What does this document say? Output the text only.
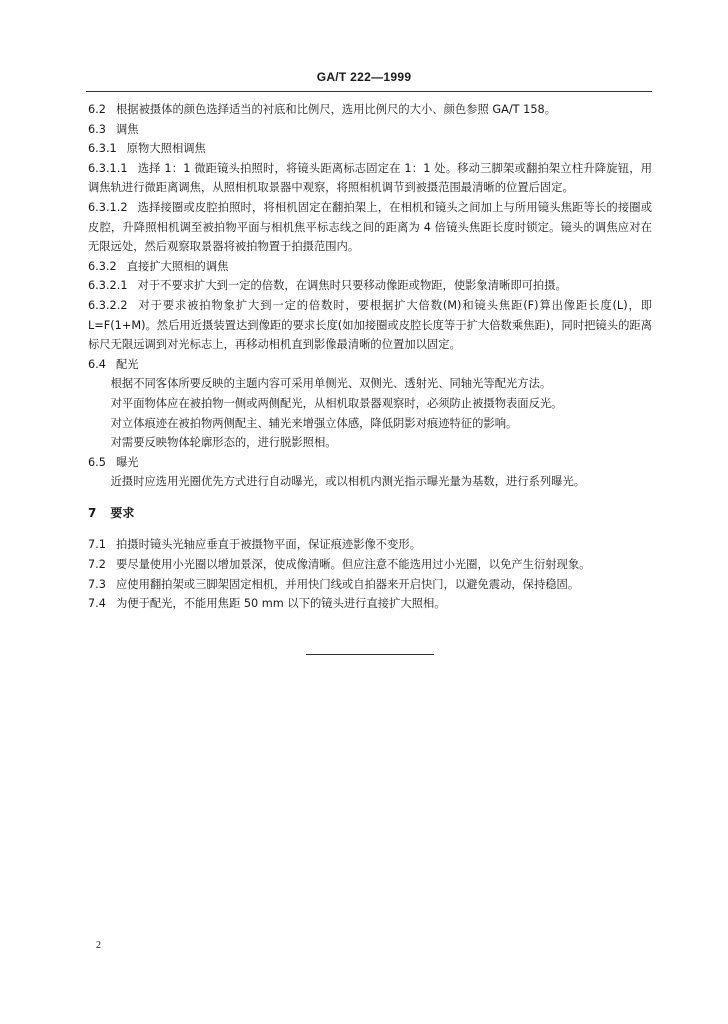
GA/T 222—1999

6.2 根据被摄体的颜色选择适当的衬底和比例尺，选用比例尺的大小、颜色参照 GA/T 158。

6.3 调焦

6.3.1 原物大照相调焦

6.3.1.1 选择 1：1 微距镜头拍照时，将镜头距离标志固定在 1：1 处。移动三脚架或翻拍架立柱升降旋钮，用调焦轨进行微距离调焦，从照相机取景器中观察，将照相机调节到被摄范围最清晰的位置后固定。

6.3.1.2 选择接圈或皮腔拍照时，将相机固定在翻拍架上，在相机和镜头之间加上与所用镜头焦距等长的接圈或皮腔，升降照相机调至被拍物平面与相机焦平标志线之间的距离为 4 倍镜头焦距长度时锁定。镜头的调焦应对在无限远处，然后观察取景器将被拍物置于拍摄范围内。

6.3.2 直接扩大照相的调焦

6.3.2.1 对于不要求扩大到一定的倍数，在调焦时只要移动像距或物距，使影象清晰即可拍摄。

6.3.2.2 对于要求被拍物象扩大到一定的倍数时，要根据扩大倍数(M)和镜头焦距(F)算出像距长度(L)，即 L=F(1+M)。然后用近摄装置达到像距的要求长度(如加接圈或皮腔长度等于扩大倍数乘焦距)，同时把镜头的距离标尺无限远调到对光标志上，再移动相机直到影像最清晰的位置加以固定。

6.4 配光

根据不同客体所要反映的主题内容可采用单侧光、双侧光、透射光、同轴光等配光方法。

对平面物体应在被拍物一侧或两侧配光，从相机取景器观察时，必须防止被摄物表面反光。

对立体痕迹在被拍物两侧配主、辅光来增强立体感，降低阴影对痕迹特征的影响。

对需要反映物体轮廓形态的，进行脱影照相。

6.5 曝光

近摄时应选用光圈优先方式进行自动曝光，或以相机内测光指示曝光量为基数，进行系列曝光。

7 要求

7.1 拍摄时镜头光轴应垂直于被摄物平面，保证痕迹影像不变形。

7.2 要尽量使用小光圈以增加景深，使成像清晰。但应注意不能选用过小光圈，以免产生衍射现象。

7.3 应使用翻拍架或三脚架固定相机，并用快门线或自拍器来开启快门，以避免震动，保持稳固。

7.4 为便于配光，不能用焦距 50 mm 以下的镜头进行直接扩大照相。

2
